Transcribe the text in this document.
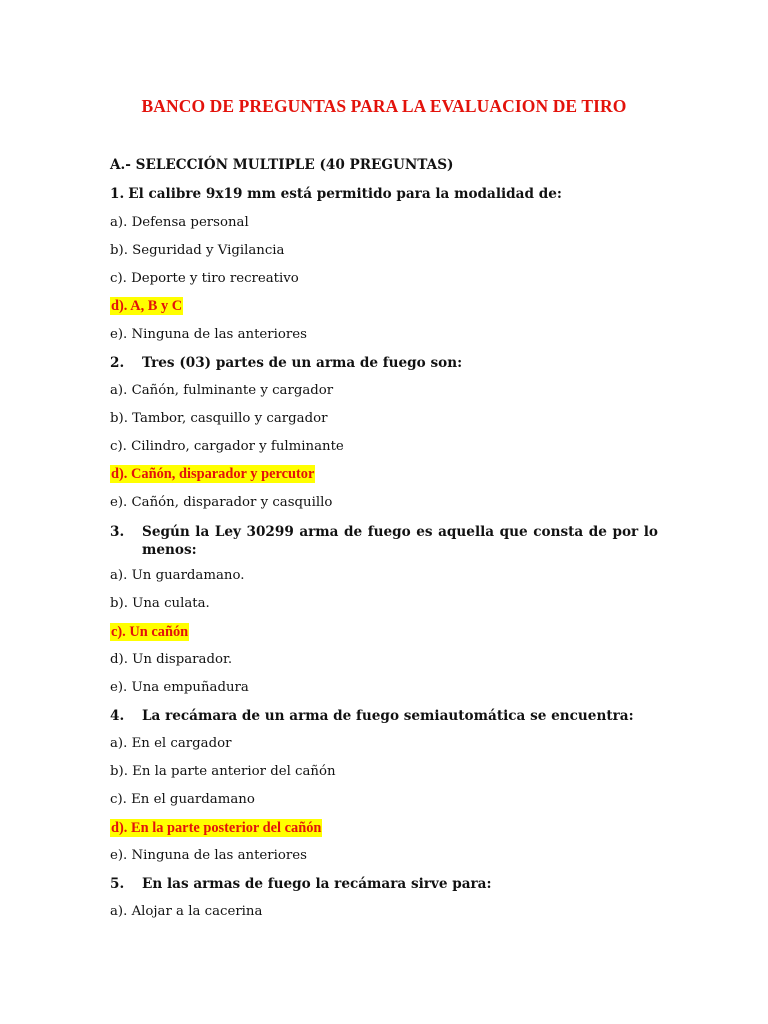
BANCO DE PREGUNTAS PARA LA EVALUACION DE TIRO
A.- SELECCIÓN MULTIPLE (40 PREGUNTAS)
1. El calibre 9x19 mm está permitido para la modalidad de:
a). Defensa personal
b). Seguridad y Vigilancia
c). Deporte y tiro recreativo
d). A, B y C
e). Ninguna de las anteriores
2. Tres (03) partes de un arma de fuego son:
a). Cañón, fulminante y cargador
b). Tambor, casquillo y cargador
c). Cilindro, cargador y fulminante
d). Cañón, disparador y percutor
e). Cañón, disparador y casquillo
3. Según la Ley 30299 arma de fuego es aquella que consta de por lo
menos:
a). Un guardamano.
b). Una culata.
c). Un cañón
d). Un disparador.
e). Una empuñadura
4. La recámara de un arma de fuego semiautomática se encuentra:
a). En el cargador
b). En la parte anterior del cañón
c). En el guardamano
d). En la parte posterior del cañón
e). Ninguna de las anteriores
5. En las armas de fuego la recámara sirve para:
a). Alojar a la cacerina
